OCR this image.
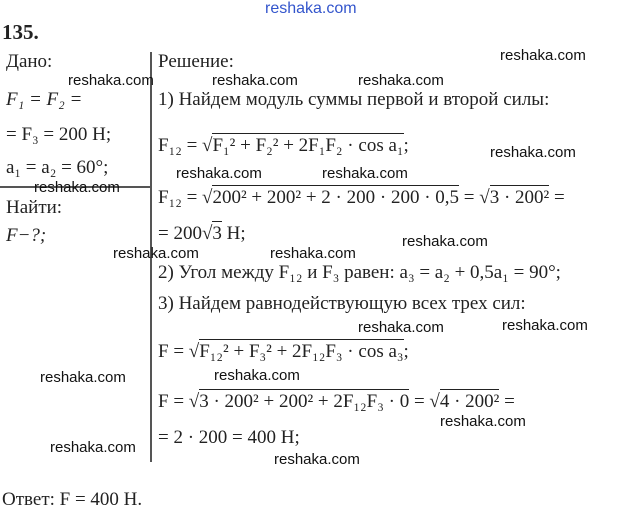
reshaka.com
135.
Дано:
F₁ = F₂ =
= F₃ = 200 Н;
a₁ = a₂ = 60°;
Найти:
F−?;
Решение:
1) Найдем модуль суммы первой и второй силы:
F₁₂ = √F₁² + F₂² + 2F₁F₂ · cos a₁;
F₁₂ = √200² + 200² + 2 · 200 · 200 · 0,5 = √3 · 200² =
= 200√3 Н;
2) Угол между F₁₂ и F₃ равен: a₃ = a₂ + 0,5a₁ = 90°;
3) Найдем равнодействующую всех трех сил:
F = √F₁₂² + F₃² + 2F₁₂F₃ · cos a₃;
F = √3 · 200² + 200² + 2F₁₂F₃ · 0 = √4 · 200² =
= 2 · 200 = 400 Н;
Ответ: F = 400 Н.
reshaka.com
reshaka.com	reshaka.com	reshaka.com
reshaka.com
reshaka.com	reshaka.com
reshaka.com
reshaka.com
reshaka.com	reshaka.com
reshaka.com
reshaka.com
reshaka.com
reshaka.com
reshaka.com
reshaka.com
reshaka.com
